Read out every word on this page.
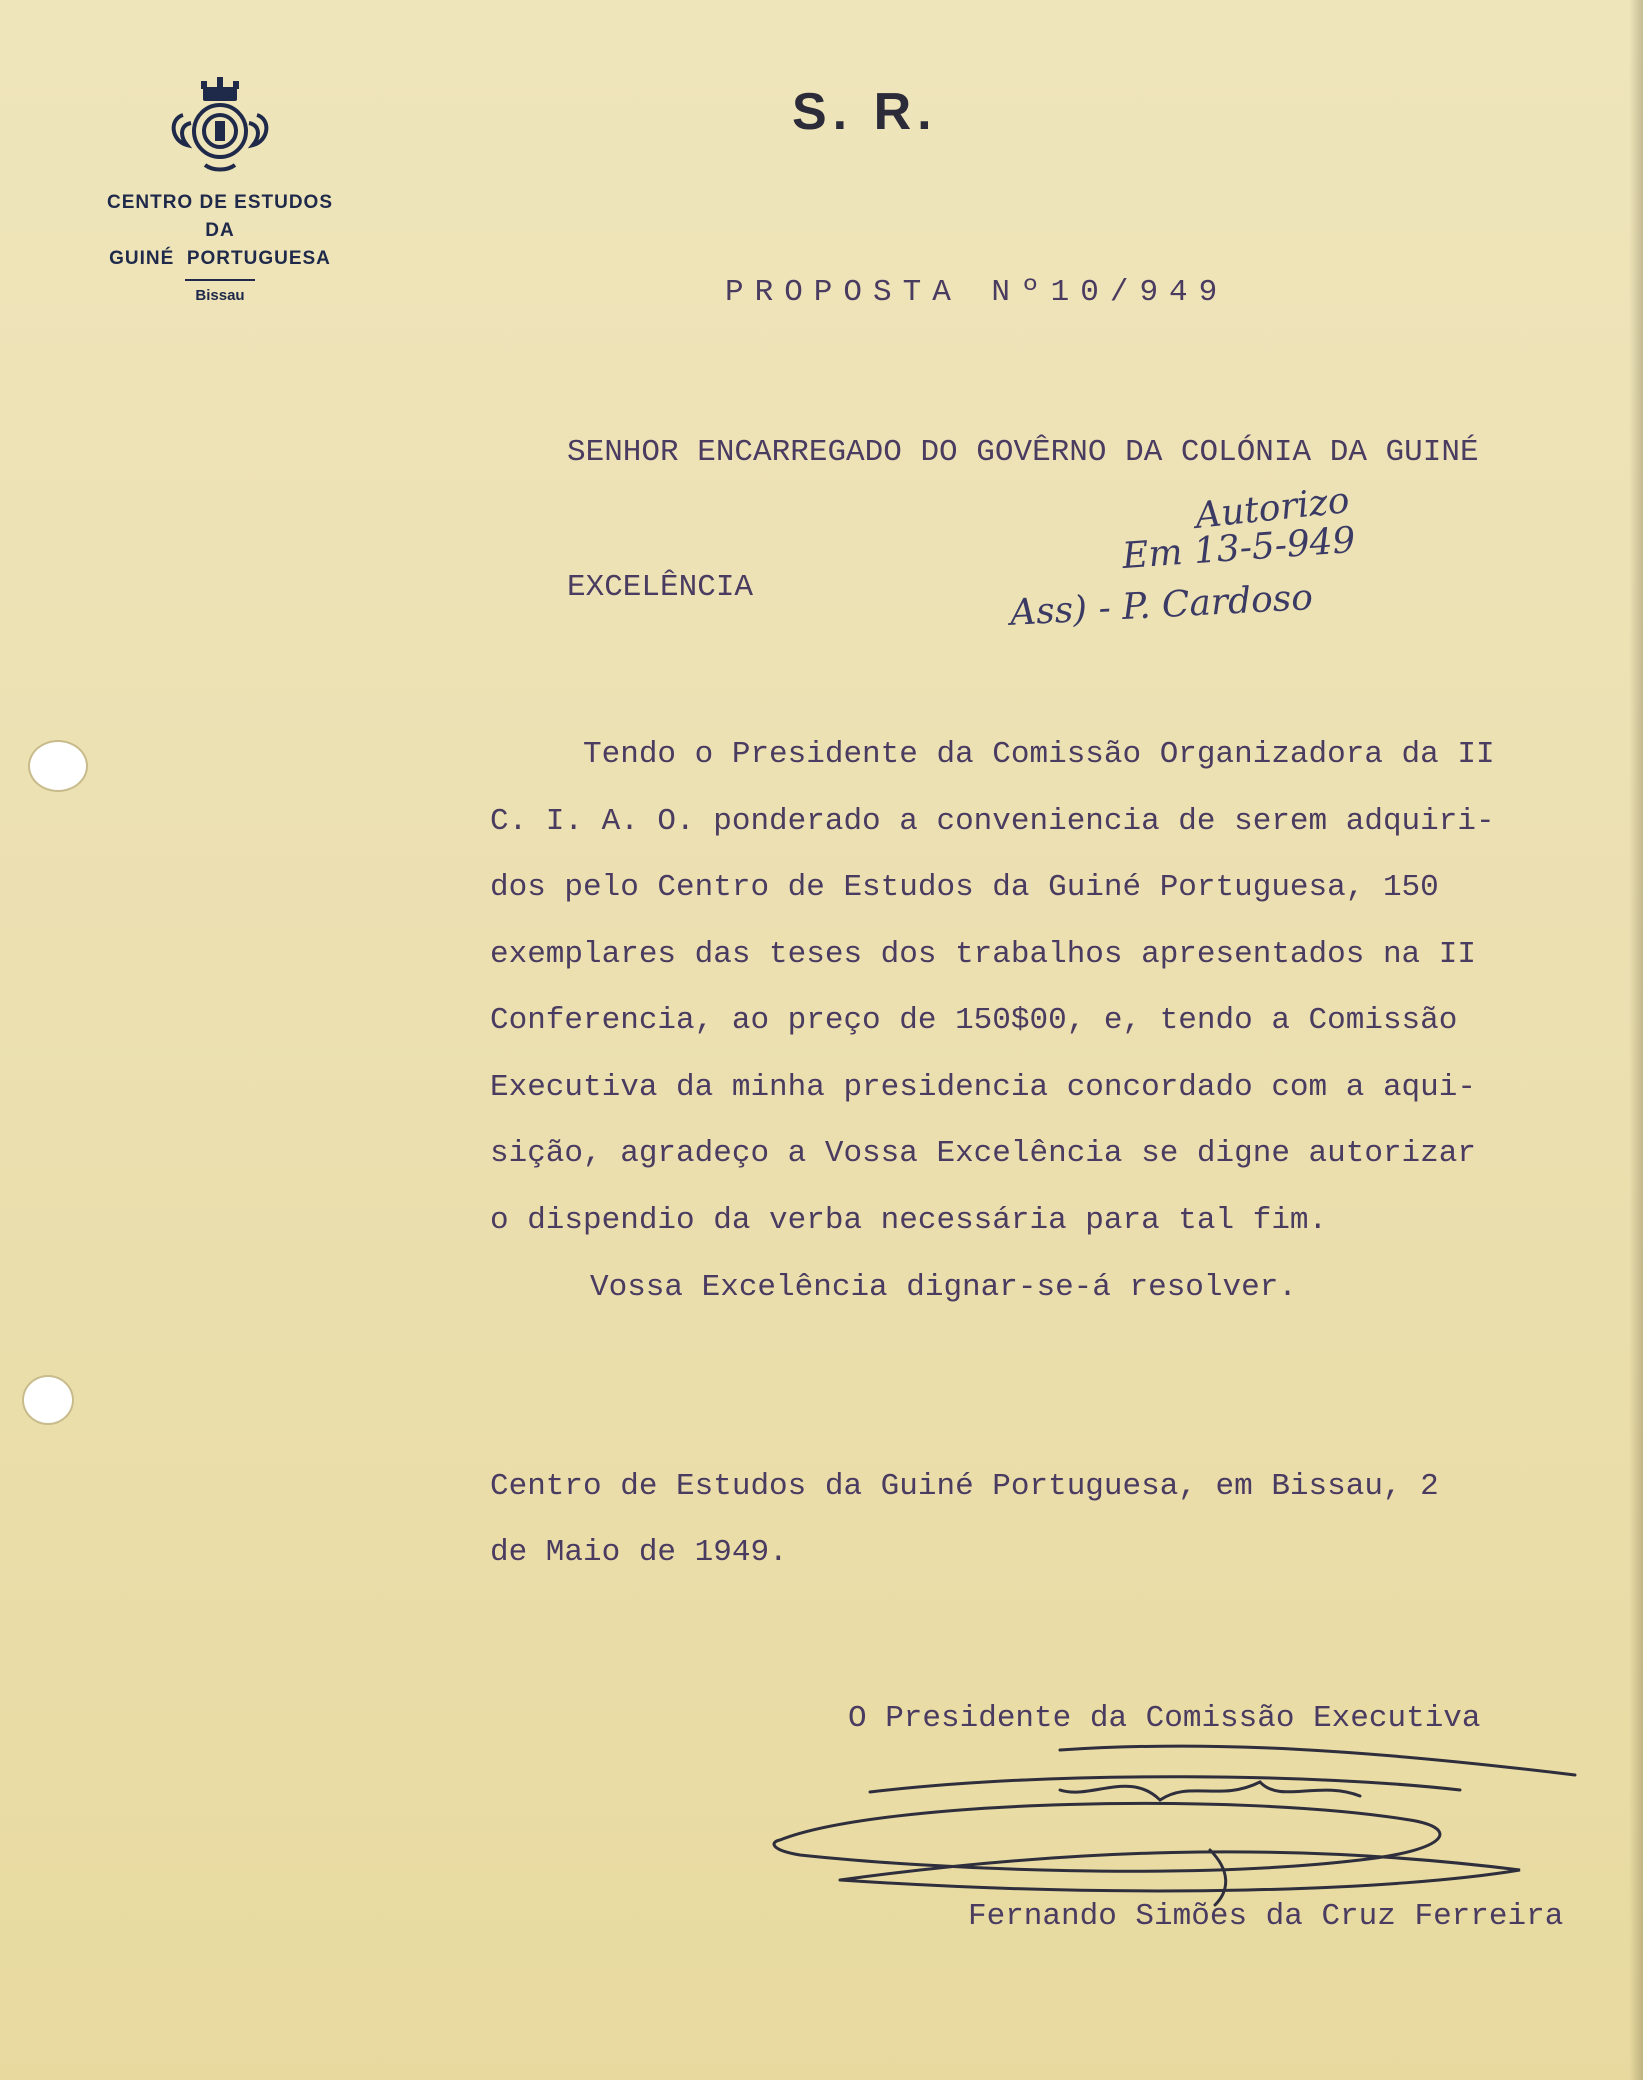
CENTRO DE ESTUDOS
DA
GUINÉ  PORTUGUESA
Bissau
S. R.

PROPOSTA Nº10/949

SENHOR ENCARREGADO DO GOVÊRNO DA COLÓNIA DA GUINÉ

EXCELÊNCIA

Autorizo
Em 13-5-949
Ass) - P. Cardoso
Tendo o Presidente da Comissão Organizadora da II
C. I. A. O. ponderado a conveniencia de serem adquiri-
dos pelo Centro de Estudos da Guiné Portuguesa, 150
exemplares das teses dos trabalhos apresentados na II
Conferencia, ao preço de 150$00, e, tendo a Comissão
Executiva da minha presidencia concordado com a aqui-
sição, agradeço a Vossa Excelência se digne autorizar
o dispendio da verba necessária para tal fim.

Vossa Excelência dignar-se-á resolver.

Centro de Estudos da Guiné Portuguesa, em Bissau, 2

de Maio de 1949.

O Presidente da Comissão Executiva

Fernando Simões da Cruz Ferreira
